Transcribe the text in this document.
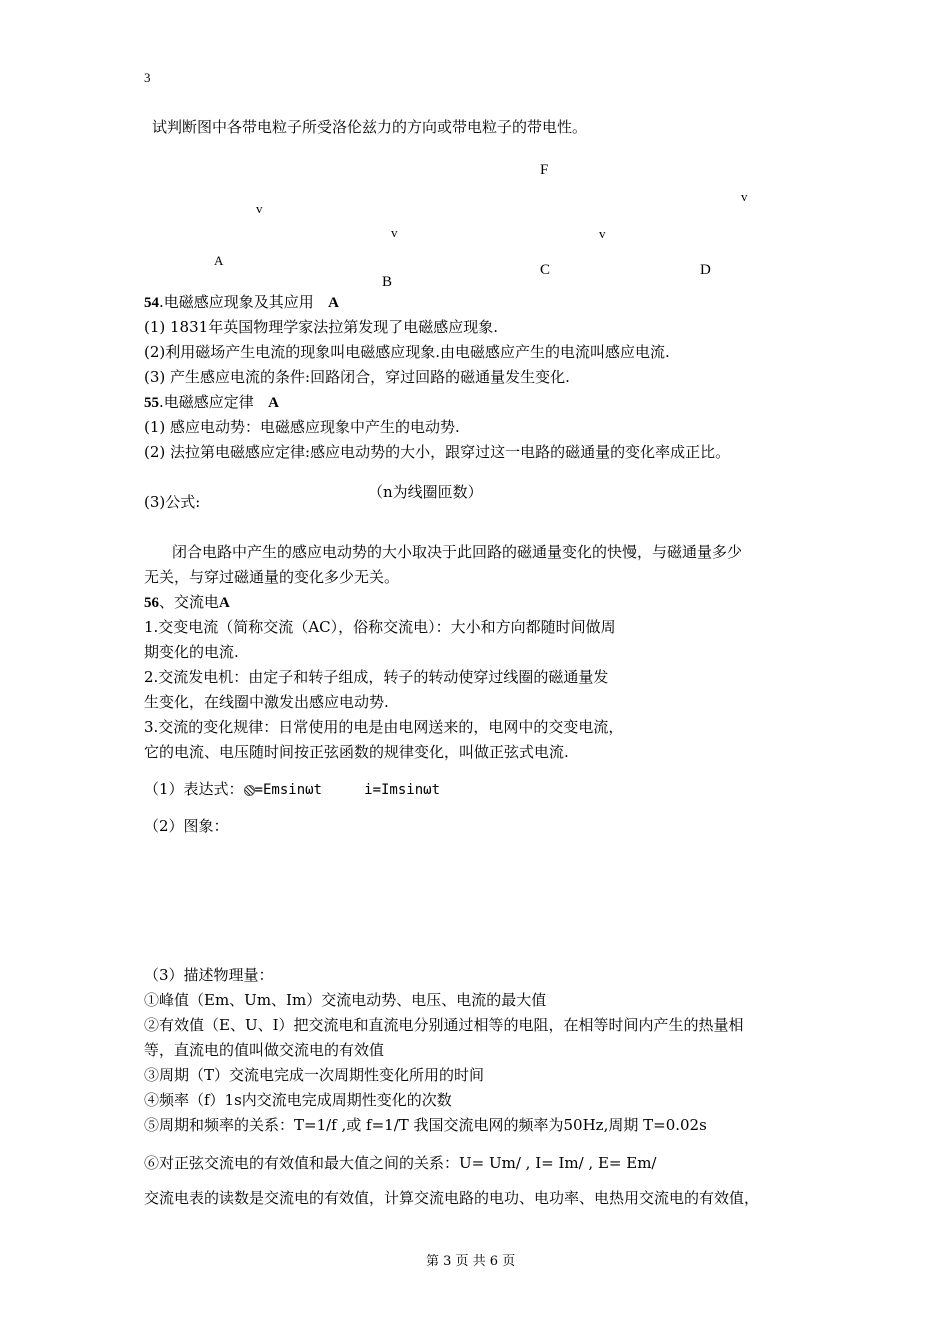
3
试判断图中各带电粒子所受洛伦兹力的方向或带电粒子的带电性。
F
v
v
v	v
A
C	D
B
54.电磁感应现象及其应用 A
(1) 1831年英国物理学家法拉第发现了电磁感应现象.
(2)利用磁场产生电流的现象叫电磁感应现象.由电磁感应产生的电流叫感应电流.
(3) 产生感应电流的条件:回路闭合，穿过回路的磁通量发生变化.
55.电磁感应定律 A
(1) 感应电动势：电磁感应现象中产生的电动势.
(2) 法拉第电磁感应定律:感应电动势的大小，跟穿过这一电路的磁通量的变化率成正比。
（n为线圈匝数）
(3)公式:
闭合电路中产生的感应电动势的大小取决于此回路的磁通量变化的快慢，与磁通量多少
无关，与穿过磁通量的变化多少无关。
56、交流电A
1.交变电流（简称交流（AC），俗称交流电）：大小和方向都随时间做周
期变化的电流.
2.交流发电机：由定子和转子组成，转子的转动使穿过线圈的磁通量发
生变化，在线圈中激发出感应电动势.
3.交流的变化规律：日常使用的电是由电网送来的，电网中的交变电流，
它的电流、电压随时间按正弦函数的规律变化，叫做正弦式电流.
（1）表达式： =Emsinωt	i=Imsinωt
（2）图象：
（3）描述物理量：
①峰值（Em、Um、Im）交流电动势、电压、电流的最大值
②有效值（E、U、I）把交流电和直流电分别通过相等的电阻，在相等时间内产生的热量相
等，直流电的值叫做交流电的有效值
③周期（T）交流电完成一次周期性变化所用的时间
④频率（f）1s内交流电完成周期性变化的次数
⑤周期和频率的关系：T=1/f ,或 f=1/T 我国交流电网的频率为50Hz,周期 T=0.02s
⑥对正弦交流电的有效值和最大值之间的关系：U= Um/ , I= Im/ , E= Em/
交流电表的读数是交流电的有效值，计算交流电路的电功、电功率、电热用交流电的有效值，
第 3 页 共 6 页
